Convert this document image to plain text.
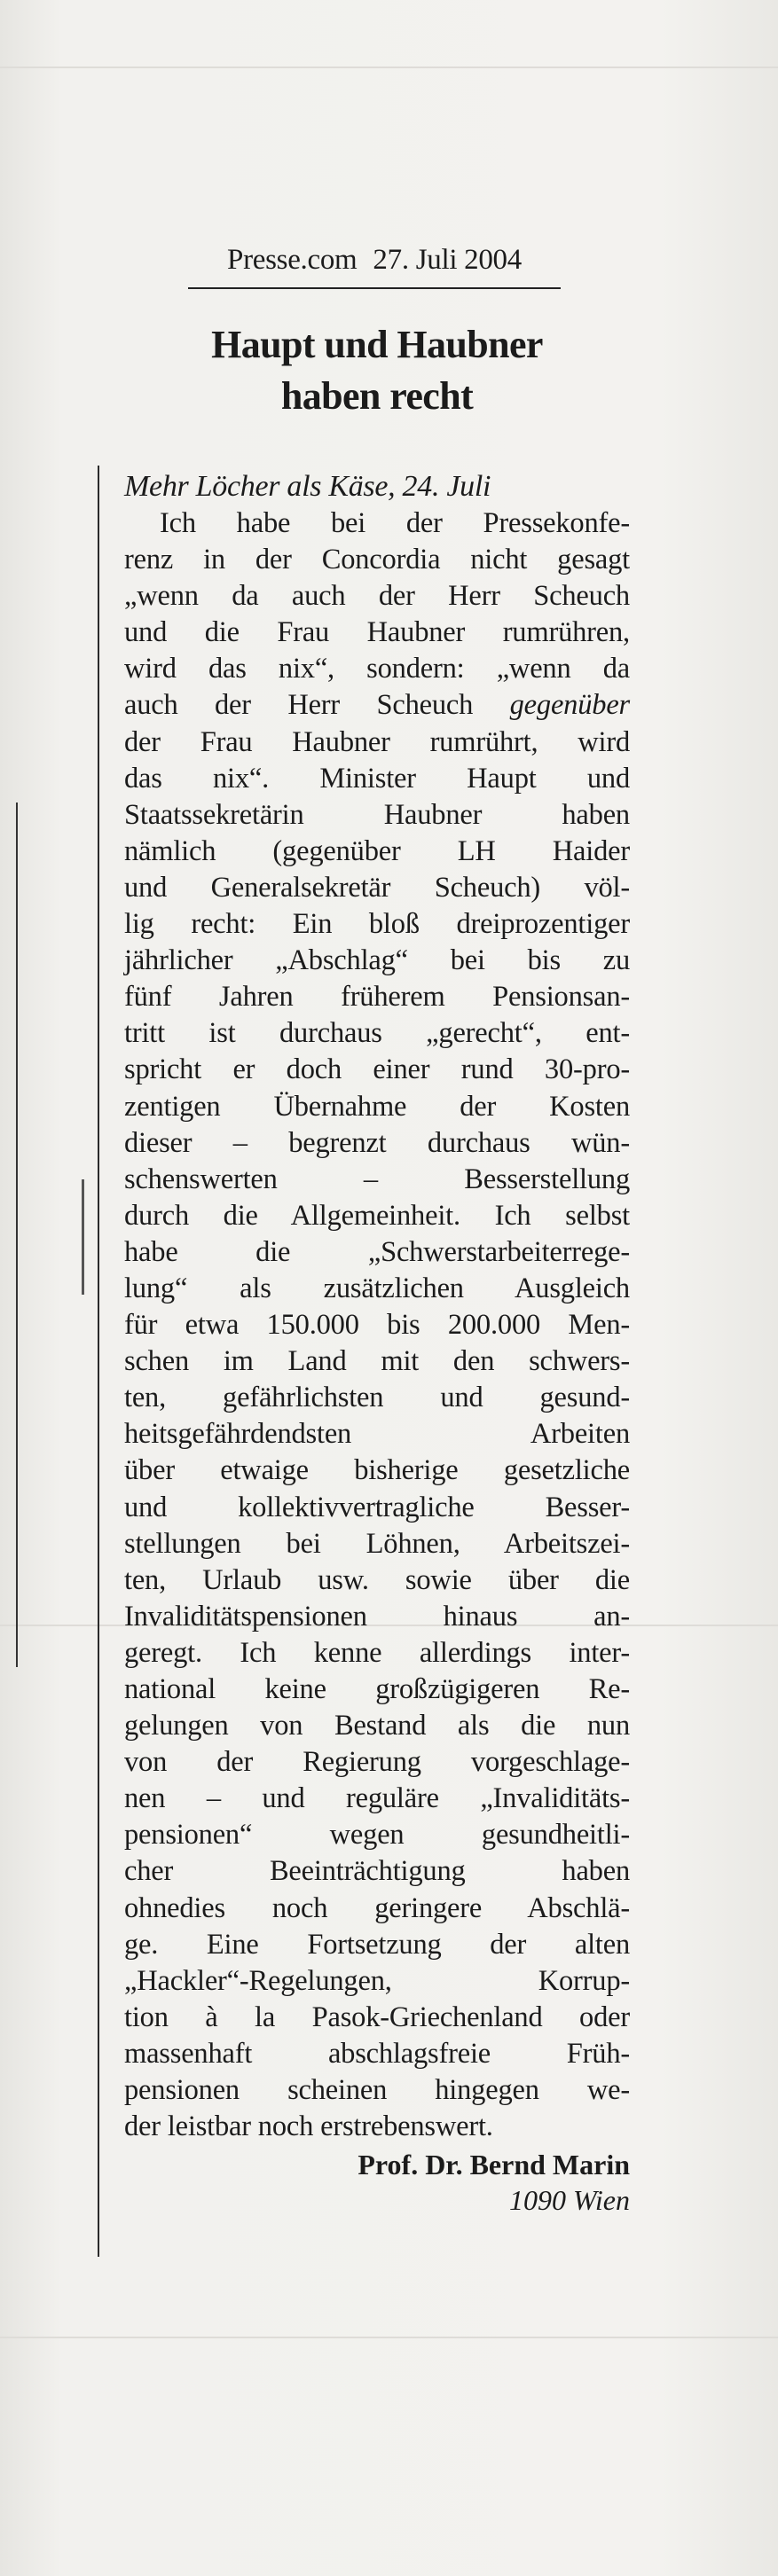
Presse.com 27. Juli 2004
Haupt und Haubner
haben recht
Mehr Löcher als Käse, 24. Juli
Ich habe bei der Pressekonfe-
renz in der Concordia nicht gesagt
„wenn da auch der Herr Scheuch
und die Frau Haubner rumrühren,
wird das nix“, sondern: „wenn da
auch der Herr Scheuch gegenüber
der Frau Haubner rumrührt, wird
das nix“. Minister Haupt und
Staatssekretärin Haubner haben
nämlich (gegenüber LH Haider
und Generalsekretär Scheuch) völ-
lig recht: Ein bloß dreiprozentiger
jährlicher „Abschlag“ bei bis zu
fünf Jahren früherem Pensionsan-
tritt ist durchaus „gerecht“, ent-
spricht er doch einer rund 30-pro-
zentigen Übernahme der Kosten
dieser – begrenzt durchaus wün-
schenswerten – Besserstellung
durch die Allgemeinheit. Ich selbst
habe die „Schwerstarbeiterrege-
lung“ als zusätzlichen Ausgleich
für etwa 150.000 bis 200.000 Men-
schen im Land mit den schwers-
ten, gefährlichsten und gesund-
heitsgefährdendsten Arbeiten
über etwaige bisherige gesetzliche
und kollektivvertragliche Besser-
stellungen bei Löhnen, Arbeitszei-
ten, Urlaub usw. sowie über die
Invaliditätspensionen hinaus an-
geregt. Ich kenne allerdings inter-
national keine großzügigeren Re-
gelungen von Bestand als die nun
von der Regierung vorgeschlage-
nen – und reguläre „Invaliditäts-
pensionen“ wegen gesundheitli-
cher Beeinträchtigung haben
ohnedies noch geringere Abschlä-
ge. Eine Fortsetzung der alten
„Hackler“-Regelungen, Korrup-
tion à la Pasok-Griechenland oder
massenhaft abschlagsfreie Früh-
pensionen scheinen hingegen we-
der leistbar noch erstrebenswert.
Prof. Dr. Bernd Marin
1090 Wien
